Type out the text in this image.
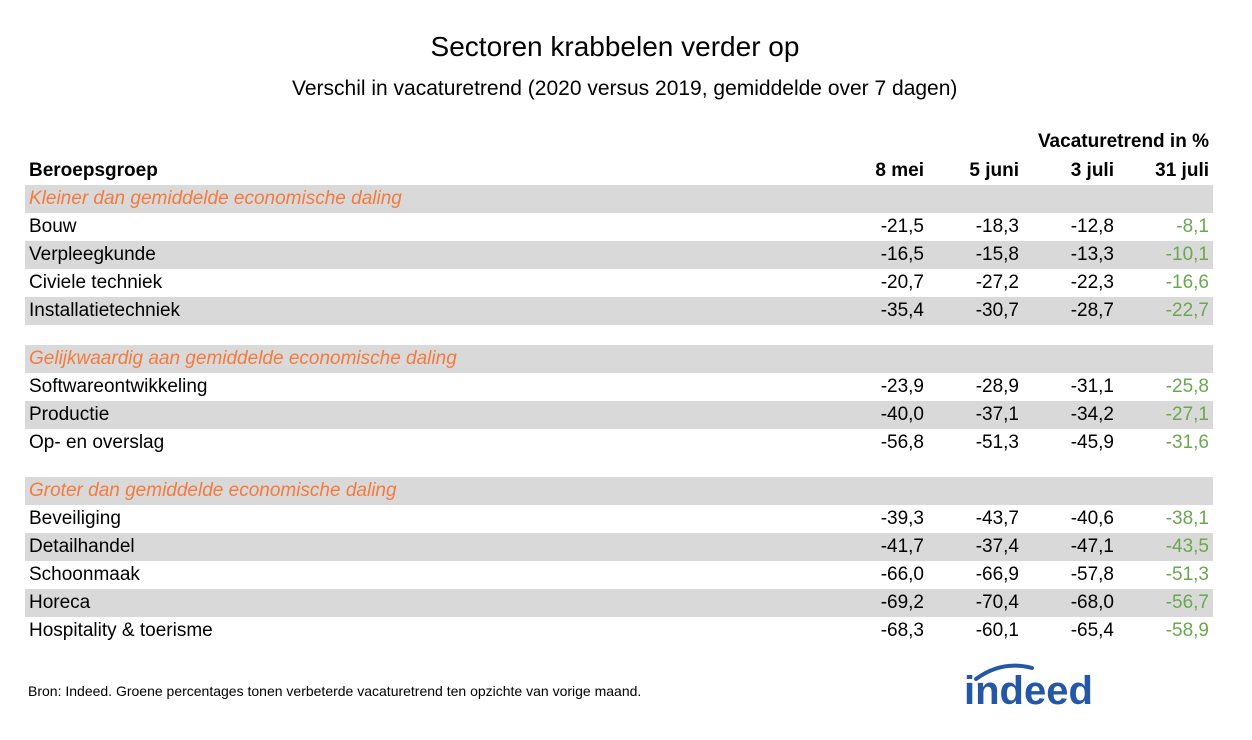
Sectoren krabbelen verder op
Verschil in vacaturetrend (2020 versus 2019, gemiddelde over 7 dagen)
Vacaturetrend in %
Beroepsgroep	8 mei	5 juni	3 juli	31 juli
Kleiner dan gemiddelde economische daling
Bouw	-21,5	-18,3	-12,8	-8,1
Verpleegkunde	-16,5	-15,8	-13,3	-10,1
Civiele techniek	-20,7	-27,2	-22,3	-16,6
Installatietechniek	-35,4	-30,7	-28,7	-22,7
Gelijkwaardig aan gemiddelde economische daling
Softwareontwikkeling	-23,9	-28,9	-31,1	-25,8
Productie	-40,0	-37,1	-34,2	-27,1
Op- en overslag	-56,8	-51,3	-45,9	-31,6
Groter dan gemiddelde economische daling
Beveiliging	-39,3	-43,7	-40,6	-38,1
Detailhandel	-41,7	-37,4	-47,1	-43,5
Schoonmaak	-66,0	-66,9	-57,8	-51,3
Horeca	-69,2	-70,4	-68,0	-56,7
Hospitality & toerisme	-68,3	-60,1	-65,4	-58,9
Bron: Indeed. Groene percentages tonen verbeterde vacaturetrend ten opzichte van vorige maand.	indeed
